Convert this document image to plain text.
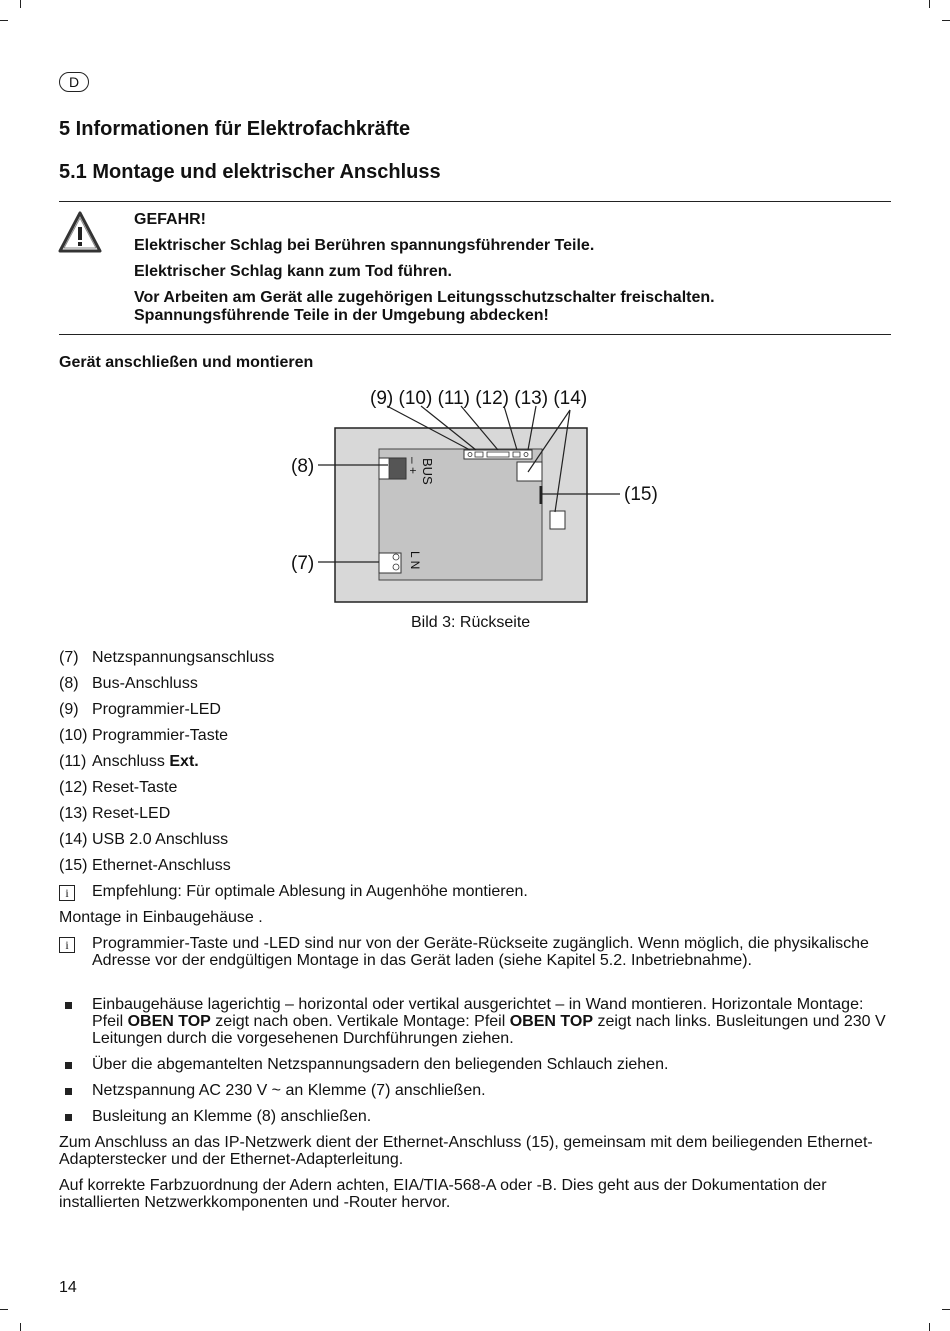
D
5 Informationen für Elektrofachkräfte
5.1 Montage und elektrischer Anschluss
GEFAHR!
Elektrischer Schlag bei Berühren spannungsführender Teile.
Elektrischer Schlag kann zum Tod führen.
Vor Arbeiten am Gerät alle zugehörigen Leitungsschutzschalter freischalten.
Spannungsführende Teile in der Umgebung abdecken!
Gerät anschließen und montieren
BUS
– +
L N
(9) (10) (11) (12) (13) (14)
(8)
(7)
(15)
Bild 3: Rückseite
(7) Netzspannungsanschluss
(8) Bus-Anschluss
(9) Programmier-LED
(10) Programmier-Taste
(11) Anschluss Ext.
(12) Reset-Taste
(13) Reset-LED
(14) USB 2.0 Anschluss
(15) Ethernet-Anschluss
i	Empfehlung: Für optimale Ablesung in Augenhöhe montieren.
Montage in Einbaugehäuse .
i	Programmier-Taste und -LED sind nur von der Geräte-Rückseite zugänglich. Wenn möglich, die physikalische Adresse vor der endgültigen Montage in das Gerät laden (siehe Kapitel 5.2. Inbetriebnahme).
Einbaugehäuse lagerichtig – horizontal oder vertikal ausgerichtet – in Wand montieren. Horizontale Montage: Pfeil OBEN TOP zeigt nach oben. Vertikale Montage: Pfeil OBEN TOP zeigt nach links. Busleitungen und 230 V Leitungen durch die vorgesehenen Durchführungen ziehen.
Über die abgemantelten Netzspannungsadern den beliegenden Schlauch ziehen.
Netzspannung AC 230 V ~ an Klemme (7) anschließen.
Busleitung an Klemme (8) anschließen.
Zum Anschluss an das IP-Netzwerk dient der Ethernet-Anschluss (15), gemeinsam mit dem beiliegenden Ethernet-Adapterstecker und der Ethernet-Adapterleitung.
Auf korrekte Farbzuordnung der Adern achten, EIA/TIA-568-A oder -B. Dies geht aus der Dokumentation der installierten Netzwerkkomponenten und -Router hervor.
14
